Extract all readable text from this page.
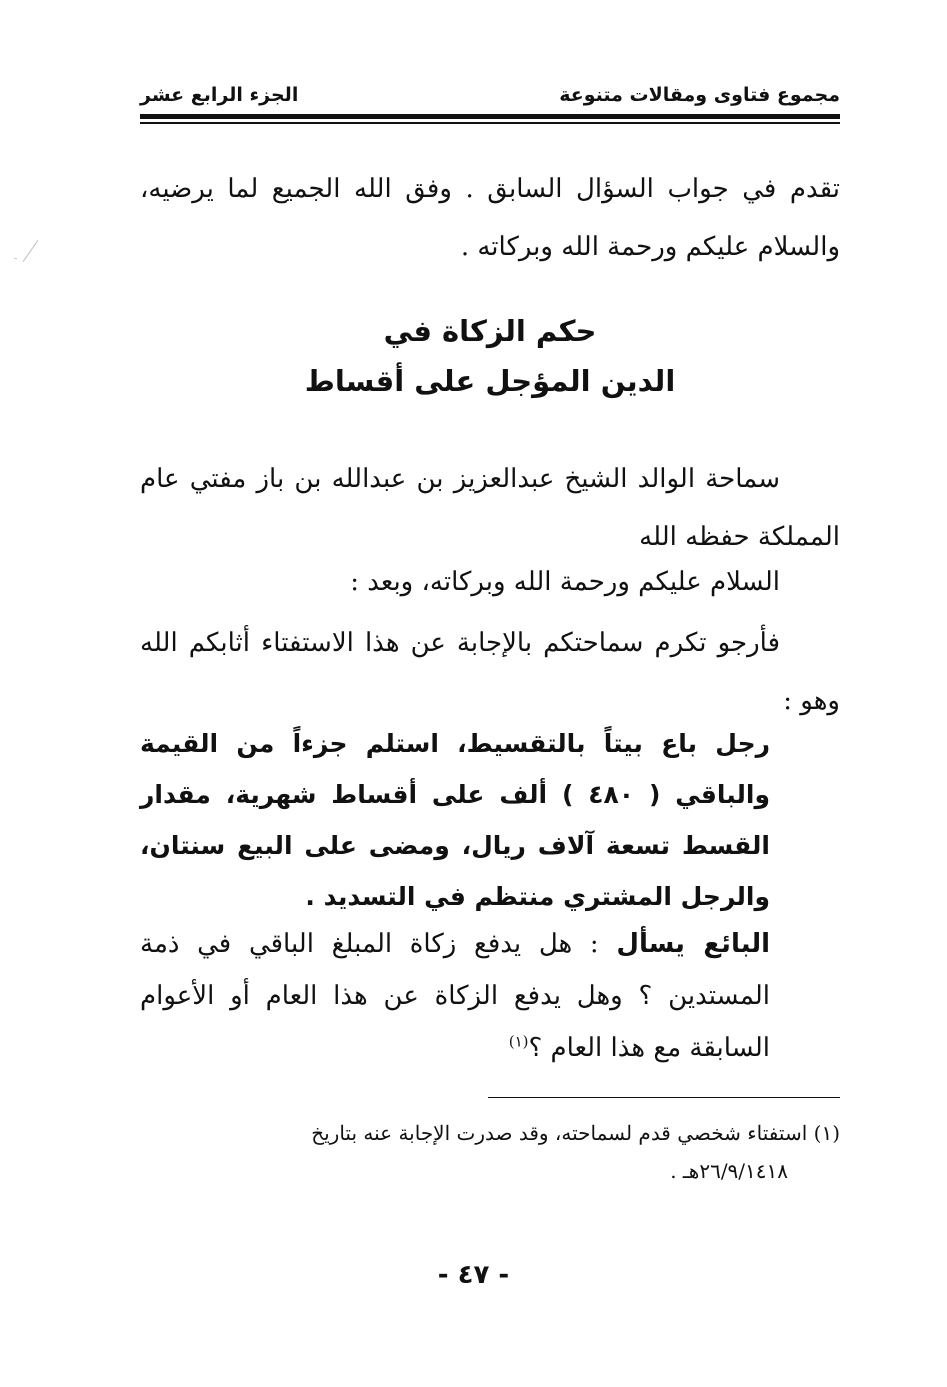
مجموع فتاوى ومقالات متنوعة
الجزء الرابع عشر

تقدم في جواب السؤال السابق . وفق الله الجميع لما يرضيه، والسلام عليكم ورحمة الله وبركاته .

حكم الزكاة في
الدين المؤجل على أقساط

سماحة الوالد الشيخ عبدالعزيز بن عبدالله بن باز مفتي عام المملكة حفظه الله

السلام عليكم ورحمة الله وبركاته، وبعد :

فأرجو تكرم سماحتكم بالإجابة عن هذا الاستفتاء أثابكم الله وهو :

رجل باع بيتاً بالتقسيط، استلم جزءاً من القيمة والباقي ( ٤٨٠ ) ألف على أقساط شهرية، مقدار القسط تسعة آلاف ريال، ومضى على البيع سنتان، والرجل المشتري منتظم في التسديد .

البائع يسأل : هل يدفع زكاة المبلغ الباقي في ذمة المستدين ؟ وهل يدفع الزكاة عن هذا العام أو الأعوام السابقة مع هذا العام ؟$^{(١)}$

(١) استفتاء شخصي قدم لسماحته، وقد صدرت الإجابة عنه بتاريخ
٢٦/٩/١٤١٨هـ .
- ٤٧ -
